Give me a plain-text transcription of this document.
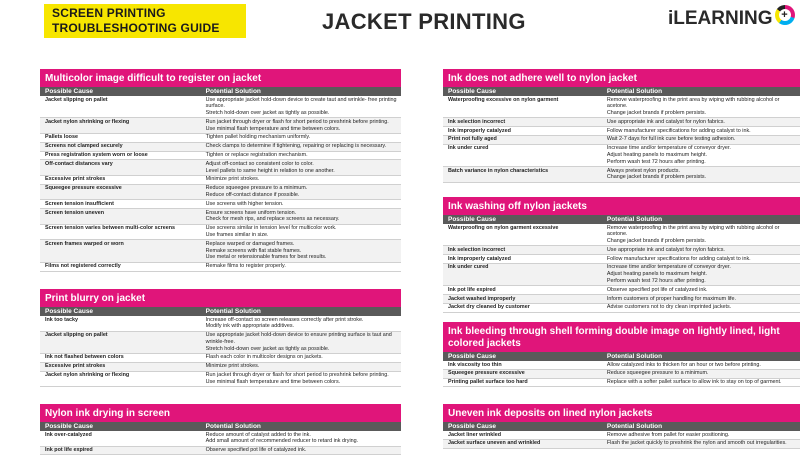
SCREEN PRINTING
TROUBLESHOOTING GUIDE	JACKET PRINTING	iLEARNING +
Multicolor image difficult to register on jacket
Possible Cause	Potential Solution
Jacket slipping on pallet	Use appropriate jacket hold-down device to create taut and wrinkle- free printing surface.
Stretch hold-down over jacket as tightly as possible.
Jacket nylon shrinking or flexing	Run jacket through dryer or flash for short period to preshrink before printing.
Use minimal flash temperature and time between colors.
Pallets loose	Tighten pallet holding mechanism uniformly.
Screens not clamped securely	Check clamps to determine if tightening, repairing or replacing is necessary.
Press registration system worn or loose	Tighten or replace registration mechanism.
Off-contact distances vary	Adjust off-contact so consistent color to color.
Level pallets to same height in relation to one another.
Excessive print strokes	Minimize print strokes.
Squeegee pressure excessive	Reduce squeegee pressure to a minimum.
Reduce off-contact distance if possible.
Screen tension insufficient	Use screens with higher tension.
Screen tension uneven	Ensure screens have uniform tension.
Check for mesh rips, and replace screens as necessary.
Screen tension varies between multi-color screens	Use screens similar in tension level for multicolor work.
Use frames similar in size.
Screen frames warped or worn	Replace warped or damaged frames.
Remake screens with flat stable frames.
Use metal or retensionable frames for best results.
Films not registered correctly	Remake films to register properly.
Print blurry on jacket
Possible Cause	Potential Solution
Ink too tacky	Increase off-contact so screen releases correctly after print stroke.
Modify ink with appropriate additives.
Jacket slipping on pallet	Use appropriate jacket hold-down device to ensure printing surface is taut and wrinkle-free.
Stretch hold-down over jacket as tightly as possible.
Ink not flashed between colors	Flash each color in multicolor designs on jackets.
Excessive print strokes	Minimize print strokes.
Jacket nylon shrinking or flexing	Run jacket through dryer or flash for short period to preshrink before printing.
Use minimal flash temperature and time between colors.
Nylon ink drying in screen
Possible Cause	Potential Solution
Ink over-catalyzed	Reduce amount of catalyst added to the ink.
Add small amount of recommended reducer to retard ink drying.
Ink pot life expired	Observe specified pot life of catalyzed ink.
Ink does not adhere well to nylon jacket
Possible Cause	Potential Solution
Waterproofing excessive on nylon garment	Remove waterproofing in the print area by wiping with rubbing alcohol or acetone.
Change jacket brands if problem persists.
Ink selection incorrect	Use appropriate ink and catalyst for nylon fabrics.
Ink improperly catalyzed	Follow manufacturer specifications for adding catalyst to ink.
Print not fully aged	Wait 2-7 days for full ink cure before testing adhesion.
Ink under cured	Increase time and/or temperature of conveyor dryer.
Adjust heating panels to maximum height.
Perform wash test 72 hours after printing.
Batch variance in nylon characteristics	Always pretest nylon products.
Change jacket brands if problem persists.
Ink washing off nylon jackets
Possible Cause	Potential Solution
Waterproofing on nylon garment excessive	Remove waterproofing in the print area by wiping with rubbing alcohol or acetone.
Change jacket brands if problem persists.
Ink selection incorrect	Use appropriate ink and catalyst for nylon fabrics.
Ink improperly catalyzed	Follow manufacturer specifications for adding catalyst to ink.
Ink under cured	Increase time and/or temperature of conveyor dryer.
Adjust heating panels to maximum height.
Perform wash test 72 hours after printing.
Ink pot life expired	Observe specified pot life of catalyzed ink.
Jacket washed improperly	Inform customers of proper handling for maximum life.
Jacket dry cleaned by customer	Advise customers not to dry clean imprinted jackets.
Ink bleeding through shell forming double image on lightly lined, light colored jackets
Possible Cause	Potential Solution
Ink viscosity too thin	Allow catalyzed inks to thicken for an hour or two before printing.
Squeegee pressure excessive	Reduce squeegee pressure to a minimum.
Printing pallet surface too hard	Replace with a softer pallet surface to allow ink to stay on top of garment.
Uneven ink deposits on lined nylon jackets
Possible Cause	Potential Solution
Jacket liner wrinkled	Remove adhesive from pallet for easier positioning.
Jacket surface uneven and wrinkled	Flash the jacket quickly to preshrink the nylon and smooth out irregularities.
